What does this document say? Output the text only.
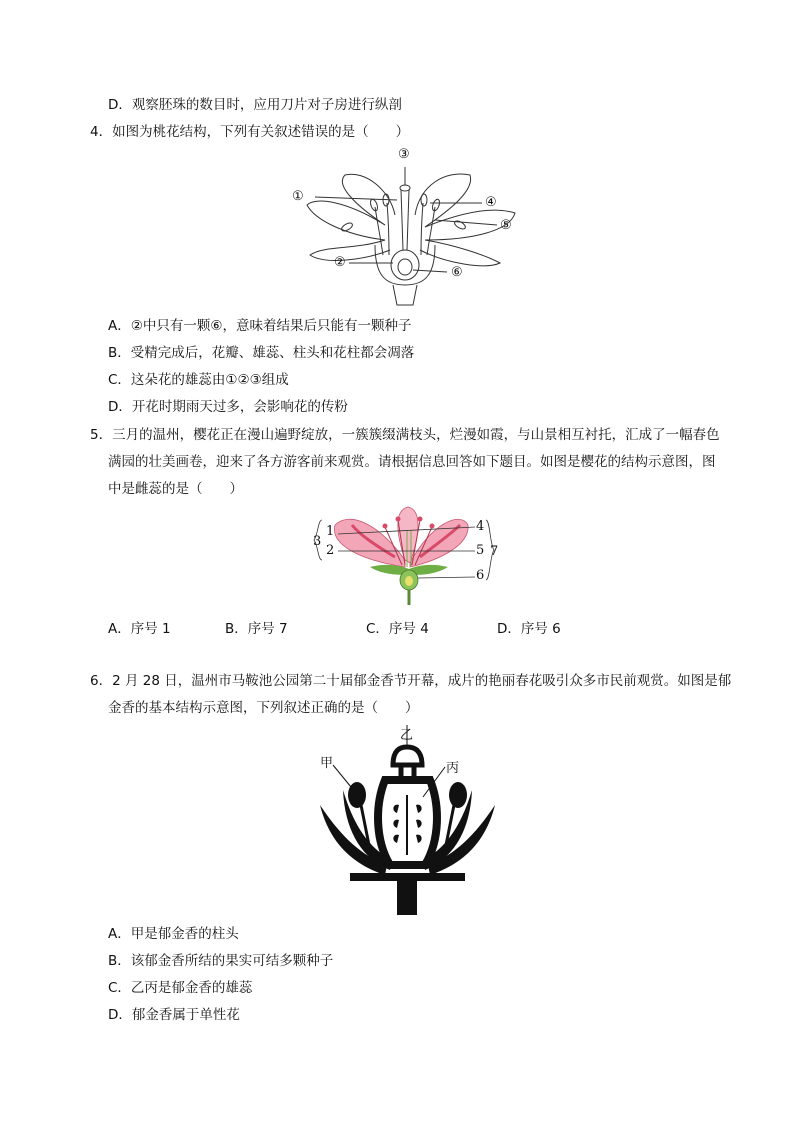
D．观察胚珠的数目时，应用刀片对子房进行纵剖
4．如图为桃花结构，下列有关叙述错误的是（　　）
①
②
③
④
⑤
⑥
A．②中只有一颗⑥，意味着结果后只能有一颗种子
B．受精完成后，花瓣、雄蕊、柱头和花柱都会凋落
C．这朵花的雄蕊由①②③组成
D．开花时期雨天过多，会影响花的传粉
5．三月的温州，樱花正在漫山遍野绽放，一簇簇缀满枝头，烂漫如霞，与山景相互衬托，汇成了一幅春色
满园的壮美画卷，迎来了各方游客前来观赏。请根据信息回答如下题目。如图是樱花的结构示意图，图
中是雌蕊的是（　　）
1
2
3
4
5
6
7
A．序号 1	B．序号 7	C．序号 4	D．序号 6
6．2 月 28 日，温州市马鞍池公园第二十届郁金香节开幕，成片的艳丽春花吸引众多市民前观赏。如图是郁
金香的基本结构示意图，下列叙述正确的是（　　）
甲
乙
丙
A．甲是郁金香的柱头
B．该郁金香所结的果实可结多颗种子
C．乙丙是郁金香的雄蕊
D．郁金香属于单性花
